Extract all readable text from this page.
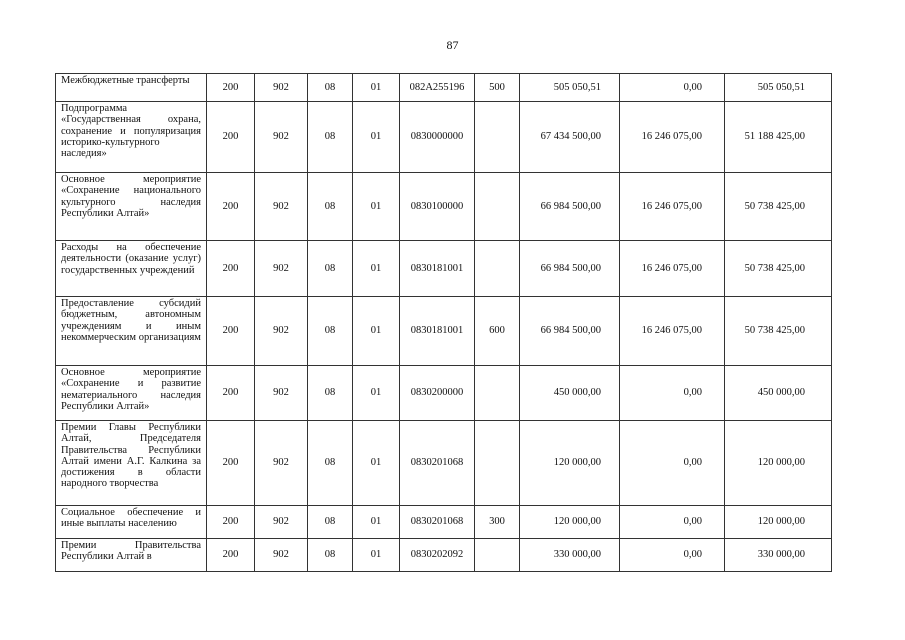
87
Межбюджетные трансферты	200	902	08	01	082А255196	500	505 050,51	0,00	505 050,51
Подпрограмма «Государственная охрана, сохранение и популяризация историко-культурного наследия»	200	902	08	01	0830000000		67 434 500,00	16 246 075,00	51 188 425,00
Основное мероприятие «Сохранение национального культурного наследия Республики Алтай»	200	902	08	01	0830100000		66 984 500,00	16 246 075,00	50 738 425,00
Расходы на обеспечение деятельности (оказание услуг) государственных учреждений	200	902	08	01	0830181001		66 984 500,00	16 246 075,00	50 738 425,00
Предоставление субсидий бюджетным, автономным учреждениям и иным некоммерческим организациям	200	902	08	01	0830181001	600	66 984 500,00	16 246 075,00	50 738 425,00
Основное мероприятие «Сохранение и развитие нематериального наследия Республики Алтай»	200	902	08	01	0830200000		450 000,00	0,00	450 000,00
Премии Главы Республики Алтай, Председателя Правительства Республики Алтай имени А.Г. Калкина за достижения в области народного творчества	200	902	08	01	0830201068		120 000,00	0,00	120 000,00
Социальное обеспечение и иные выплаты населению	200	902	08	01	0830201068	300	120 000,00	0,00	120 000,00
Премии Правительства Республики Алтай в	200	902	08	01	0830202092		330 000,00	0,00	330 000,00
